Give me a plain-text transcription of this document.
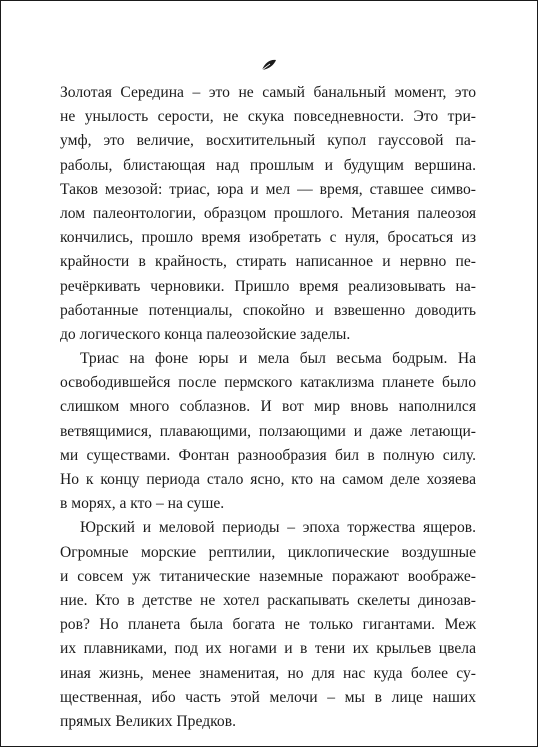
Золотая Середина – это не самый банальный момент, это
не унылость серости, не скука повседневности. Это три-
умф, это величие, восхитительный купол гауссовой па-
раболы, блистающая над прошлым и будущим вершина.
Таков мезозой: триас, юра и мел — время, ставшее симво-
лом палеонтологии, образцом прошлого. Метания палеозоя
кончились, прошло время изобретать с нуля, бросаться из
крайности в крайность, стирать написанное и нервно пе-
речёркивать черновики. Пришло время реализовывать на-
работанные потенциалы, спокойно и взвешенно доводить
до логического конца палеозойские заделы.
Триас на фоне юры и мела был весьма бодрым. На
освободившейся после пермского катаклизма планете было
слишком много соблазнов. И вот мир вновь наполнился
ветвящимися, плавающими, ползающими и даже летающи-
ми существами. Фонтан разнообразия бил в полную силу.
Но к концу периода стало ясно, кто на самом деле хозяева
в морях, а кто – на суше.
Юрский и меловой периоды – эпоха торжества ящеров.
Огромные морские рептилии, циклопические воздушные
и совсем уж титанические наземные поражают воображе-
ние. Кто в детстве не хотел раскапывать скелеты динозав-
ров? Но планета была богата не только гигантами. Меж
их плавниками, под их ногами и в тени их крыльев цвела
иная жизнь, менее знаменитая, но для нас куда более су-
щественная, ибо часть этой мелочи – мы в лице наших
прямых Великих Предков.
